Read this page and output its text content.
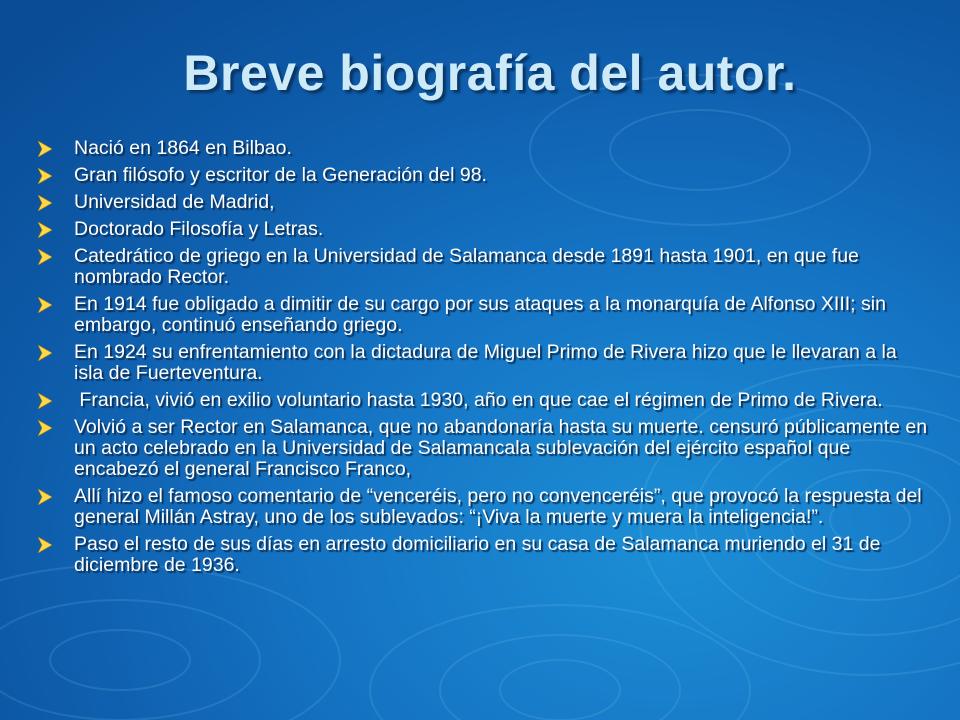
Breve biografía del autor.
Nació en 1864 en Bilbao.
Gran filósofo y escritor de la Generación del 98.
Universidad de Madrid,
Doctorado Filosofía y Letras.
Catedrático de griego en la Universidad de Salamanca desde 1891 hasta 1901, en que fue nombrado Rector.
En 1914 fue obligado a dimitir de su cargo por sus ataques a la monarquía de Alfonso XIII; sin embargo, continuó enseñando griego.
En 1924 su enfrentamiento con la dictadura de Miguel Primo de Rivera hizo que le llevaran a la isla de Fuerteventura.
Francia, vivió en exilio voluntario hasta 1930, año en que cae el régimen de Primo de Rivera.
Volvió a ser Rector en Salamanca, que no abandonaría hasta su muerte. censuró públicamente en un acto celebrado en la Universidad de Salamancala sublevación del ejército español que encabezó el general Francisco Franco,
Allí hizo el famoso comentario de “venceréis, pero no convenceréis”, que provocó la respuesta del general Millán Astray, uno de los sublevados: “¡Viva la muerte y muera la inteligencia!”.
Paso el resto de sus días en arresto domiciliario en su casa de Salamanca muriendo el 31 de diciembre de 1936.
